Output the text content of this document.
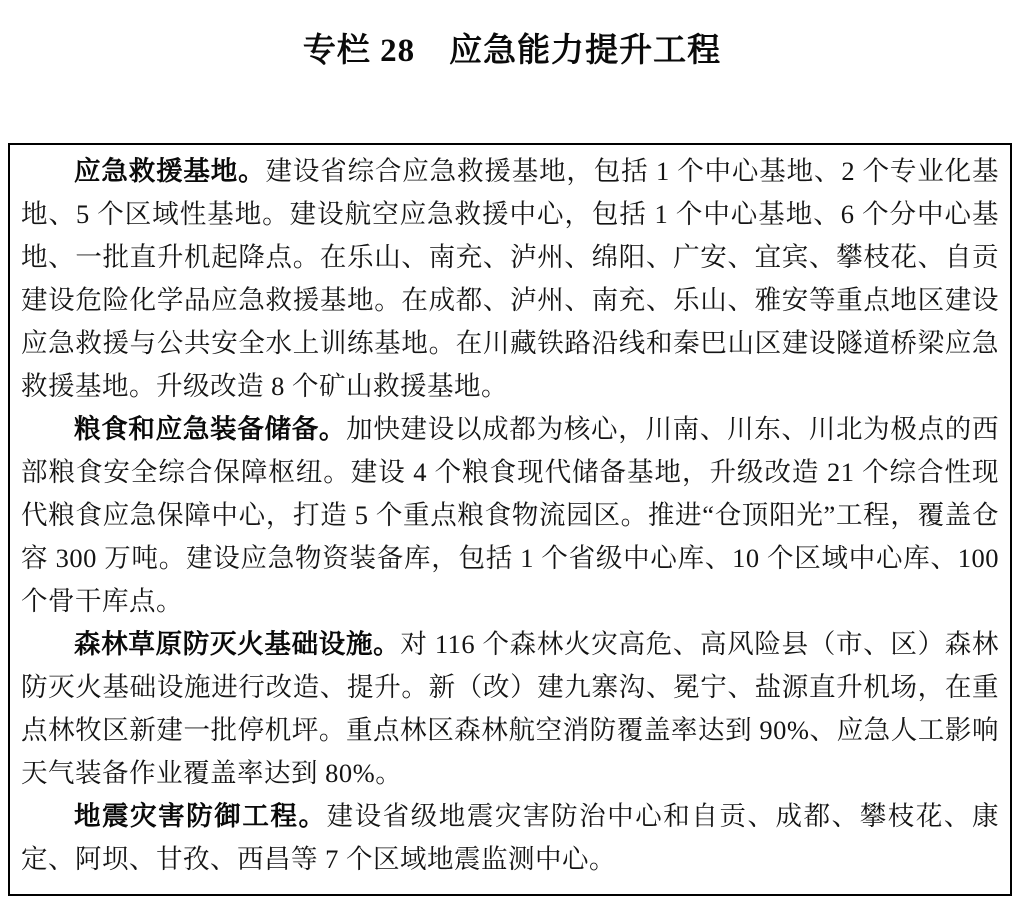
专栏 28　应急能力提升工程

应急救援基地。建设省综合应急救援基地，包括 1 个中心基地、2 个专业化基地、5 个区域性基地。建设航空应急救援中心，包括 1 个中心基地、6 个分中心基地、一批直升机起降点。在乐山、南充、泸州、绵阳、广安、宜宾、攀枝花、自贡建设危险化学品应急救援基地。在成都、泸州、南充、乐山、雅安等重点地区建设应急救援与公共安全水上训练基地。在川藏铁路沿线和秦巴山区建设隧道桥梁应急救援基地。升级改造 8 个矿山救援基地。

粮食和应急装备储备。加快建设以成都为核心，川南、川东、川北为极点的西部粮食安全综合保障枢纽。建设 4 个粮食现代储备基地，升级改造 21 个综合性现代粮食应急保障中心，打造 5 个重点粮食物流园区。推进“仓顶阳光”工程，覆盖仓容 300 万吨。建设应急物资装备库，包括 1 个省级中心库、10 个区域中心库、100 个骨干库点。

森林草原防灭火基础设施。对 116 个森林火灾高危、高风险县（市、区）森林防灭火基础设施进行改造、提升。新（改）建九寨沟、冕宁、盐源直升机场，在重点林牧区新建一批停机坪。重点林区森林航空消防覆盖率达到 90%、应急人工影响天气装备作业覆盖率达到 80%。

地震灾害防御工程。建设省级地震灾害防治中心和自贡、成都、攀枝花、康定、阿坝、甘孜、西昌等 7 个区域地震监测中心。
